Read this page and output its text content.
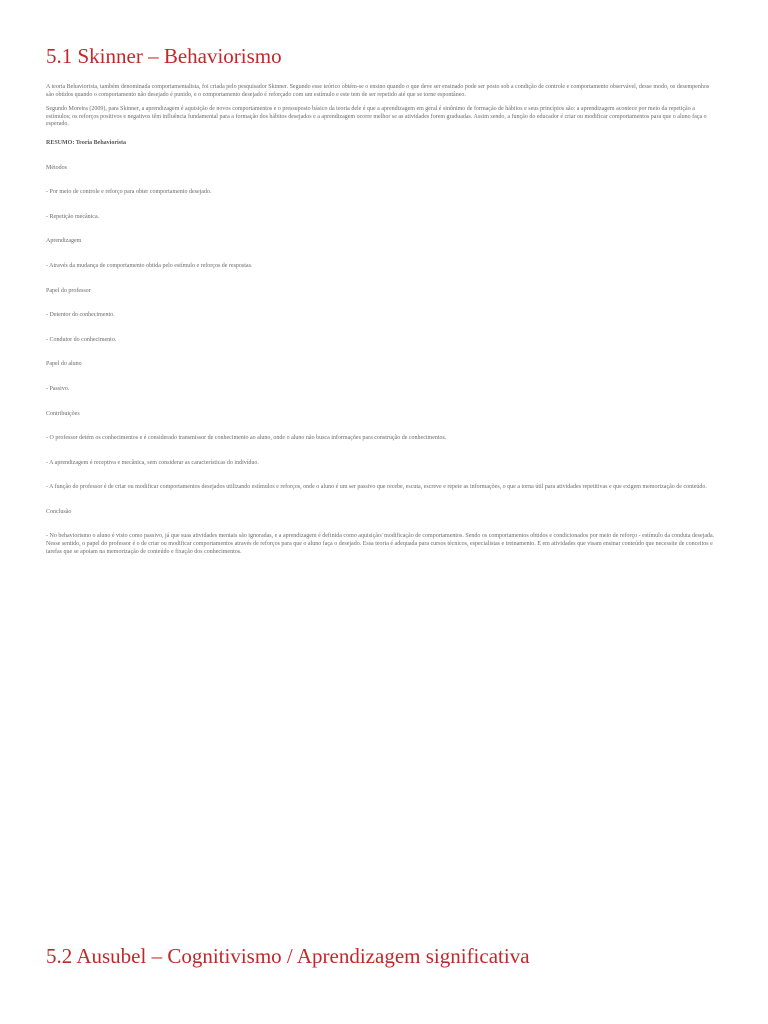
5.1 Skinner – Behaviorismo

A teoria Behaviorista, também denominada comportamentalista, foi criada pelo pesquisador Skinner. Segundo esse teórico obtém-se o ensino quando o que deve ser ensinado pode ser posto sob a condição de controle e comportamento observável, desse modo, os desempenhos são obtidos quando o comportamento não desejado é punido, e o comportamento desejado é reforçado com um estímulo e este tem de ser repetido até que se torne espontâneo.

Segundo Moreira (2009), para Skinner, a aprendizagem é aquisição de novos comportamentos e o pressuposto básico da teoria dele é que a aprendizagem em geral é sinônimo de formação de hábitos e seus princípios são: a aprendizagem acontece por meio da repetição a estímulos; os reforços positivos e negativos têm influência fundamental para a formação dos hábitos desejados e a aprendizagem ocorre melhor se as atividades forem graduadas. Assim sendo, a função do educador é criar ou modificar comportamentos para que o aluno faça o esperado.

RESUMO: Teoria Behaviorista

Métodos

- Por meio de controle e reforço para obter comportamento desejado.

- Repetição mecânica.

Aprendizagem

- Através da mudança de comportamento obtida pelo estímulo e reforços de respostas.

Papel do professor

- Detentor do conhecimento.

- Condutor do conhecimento.

Papel do aluno

- Passivo.

Contribuições

- O professor detém os conhecimentos e é considerado transmissor de conhecimento ao aluno, onde o aluno não busca informações para construção de conhecimentos.

- A aprendizagem é receptiva e mecânica, sem considerar as características do indivíduo.

- A função do professor é de criar ou modificar comportamentos desejados utilizando estímulos e reforços, onde o aluno é um ser passivo que recebe, escuta, escreve e repete as informações, o que a torna útil para atividades repetitivas e que exigem memorização de conteúdo.

Conclusão

- No behaviorismo o aluno é visto como passivo, já que suas atividades mentais são ignoradas, e a aprendizagem é definida como aquisição/ modificação de comportamentos. Sendo os comportamentos obtidos e condicionados por meio de reforço - estímulo da conduta desejada. Nesse sentido, o papel do professor é o de criar ou modificar comportamentos através de reforços para que o aluno faça o desejado. Essa teoria é adequada para cursos técnicos, especialistas e treinamento. E em atividades que visam ensinar conteúdo que necessite de conceitos e tarefas que se apoiam na memorização de conteúdo e fixação dos conhecimentos.

5.2 Ausubel – Cognitivismo / Aprendizagem significativa
